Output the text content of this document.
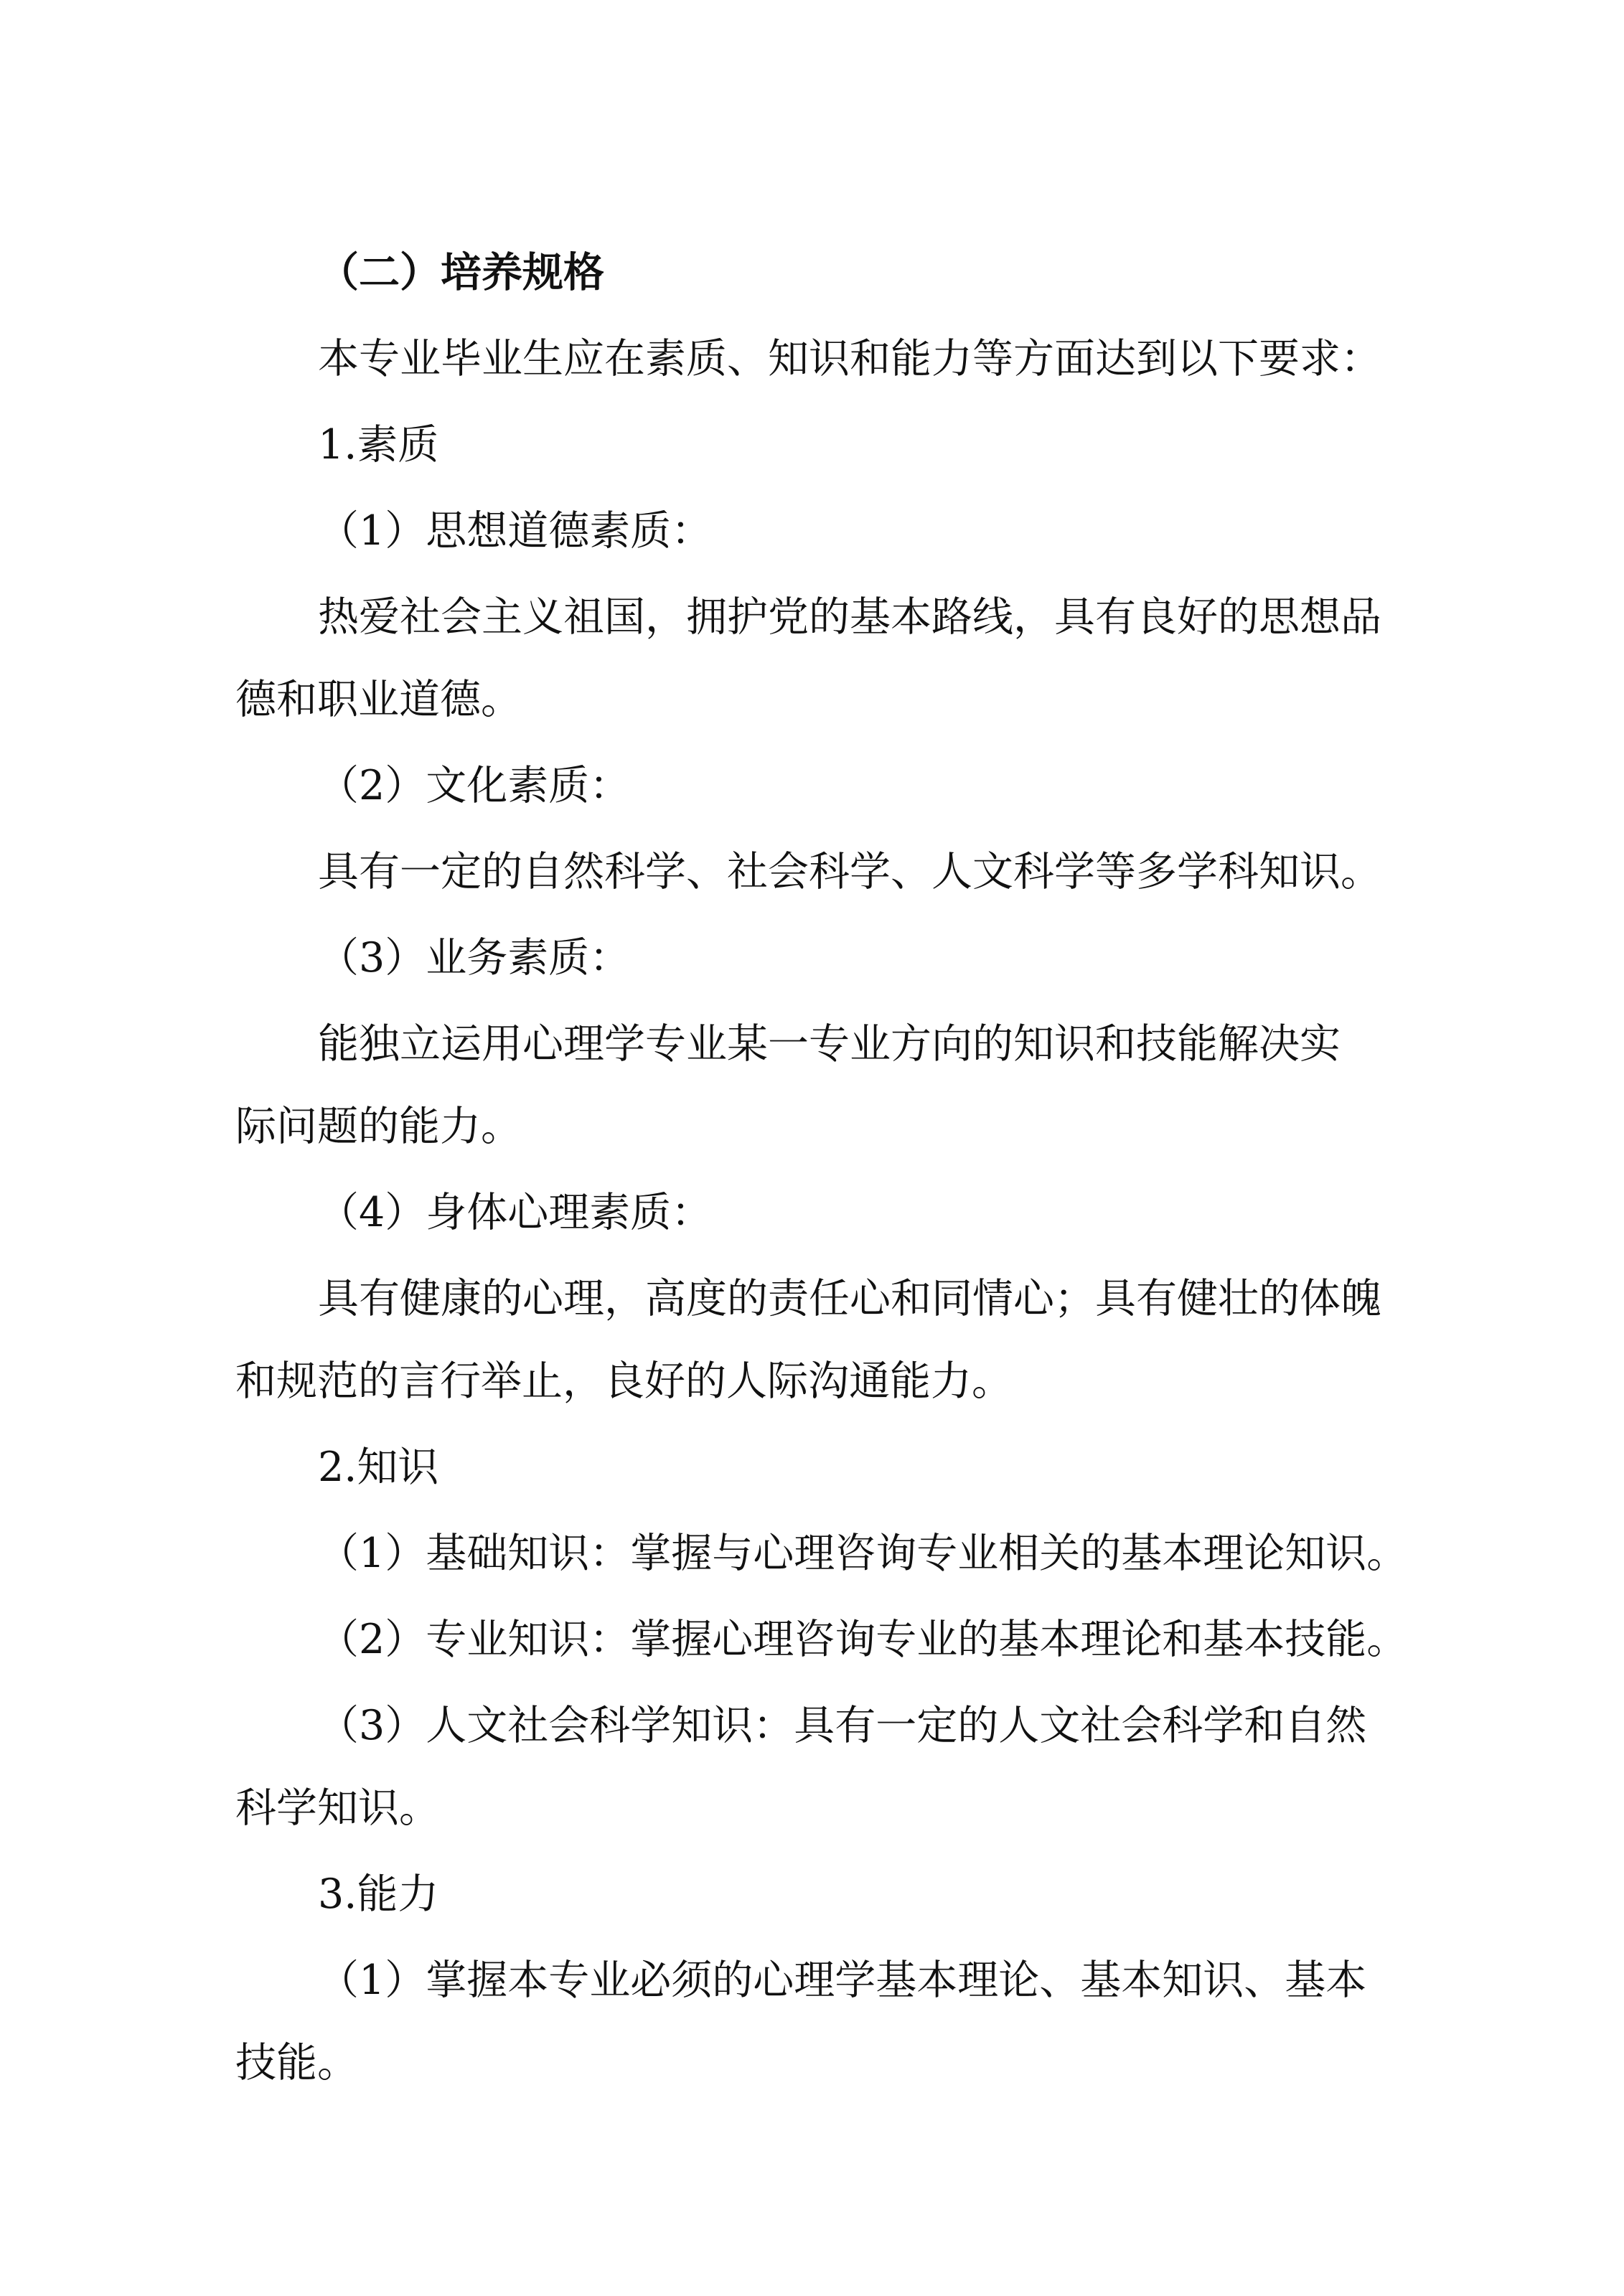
（二）培养规格
本专业毕业生应在素质、知识和能力等方面达到以下要求：
1.素质
（1）思想道德素质：
热爱社会主义祖国，拥护党的基本路线，具有良好的思想品
德和职业道德。
（2）文化素质：
具有一定的自然科学、社会科学、人文科学等多学科知识。
（3）业务素质：
能独立运用心理学专业某一专业方向的知识和技能解决实
际问题的能力。
（4）身体心理素质：
具有健康的心理，高度的责任心和同情心；具有健壮的体魄
和规范的言行举止，良好的人际沟通能力。
2.知识
（1）基础知识：掌握与心理咨询专业相关的基本理论知识。
（2）专业知识：掌握心理咨询专业的基本理论和基本技能。
（3）人文社会科学知识：具有一定的人文社会科学和自然
科学知识。
3.能力
（1）掌握本专业必须的心理学基本理论、基本知识、基本
技能。
